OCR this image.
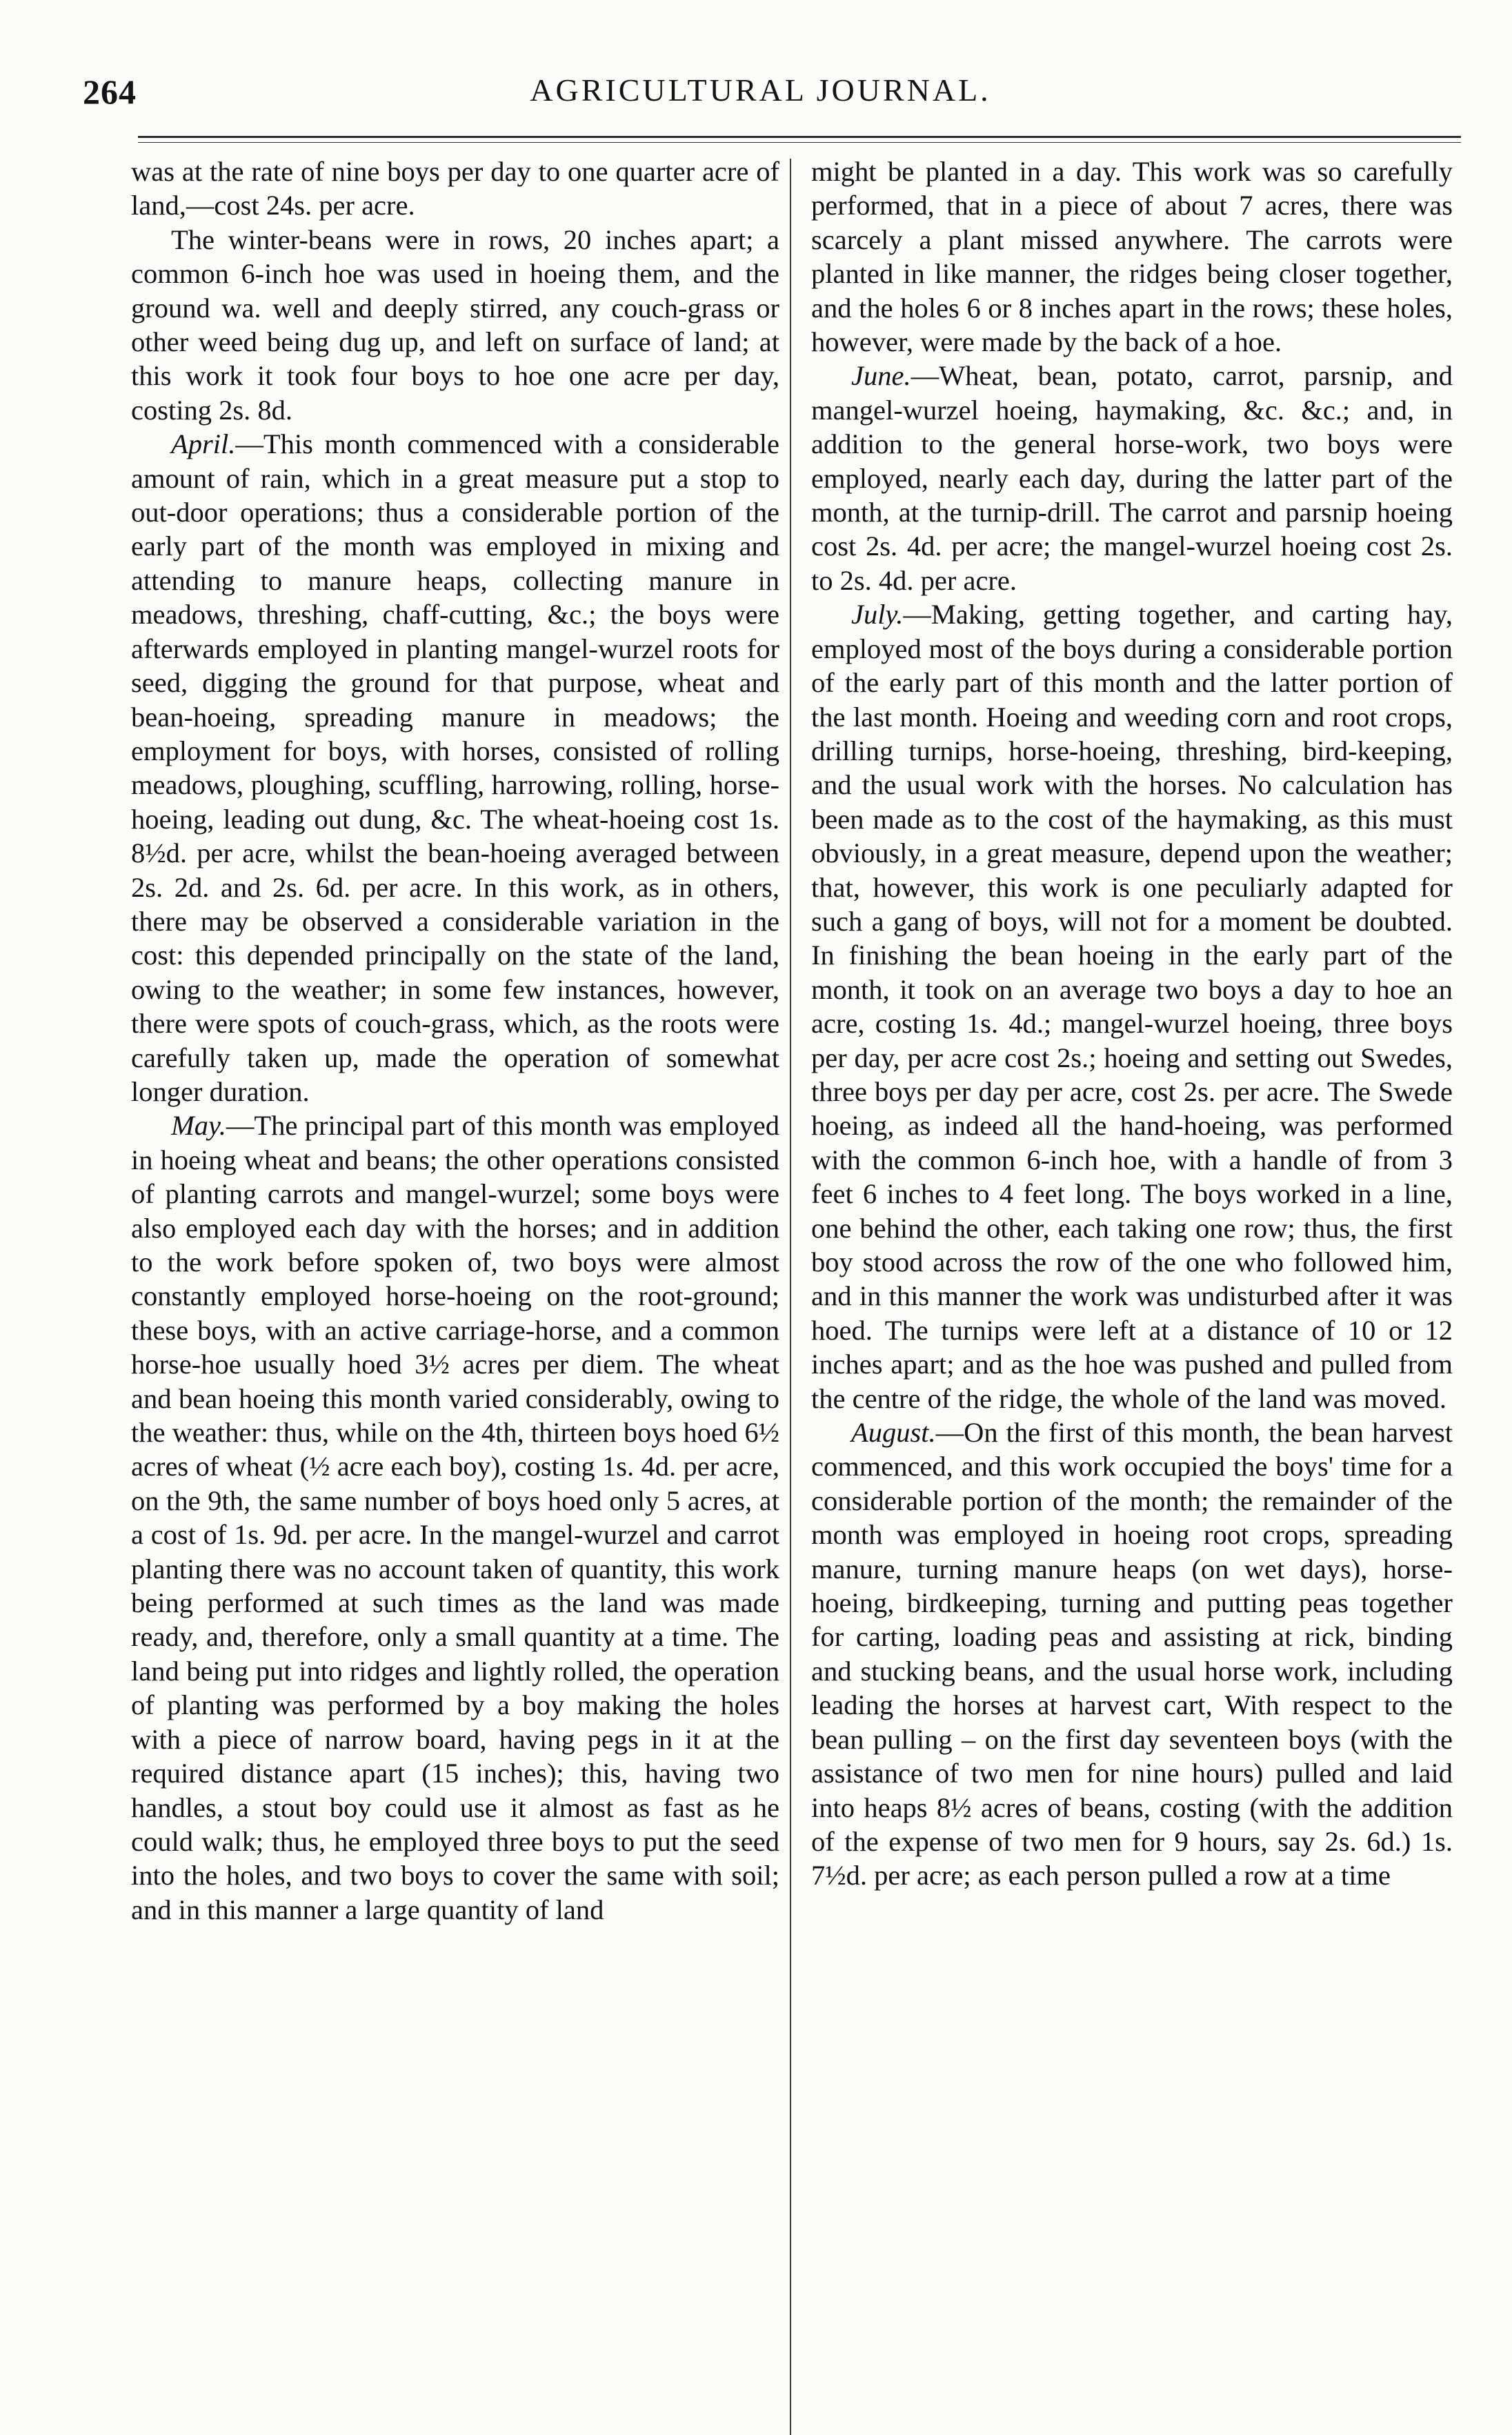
264	AGRICULTURAL JOURNAL.

was at the rate of nine boys per day to one quarter acre of land,—cost 24s. per acre.

The winter-beans were in rows, 20 inches apart; a common 6-inch hoe was used in hoeing them, and the ground wa. well and deeply stirred, any couch-grass or other weed being dug up, and left on surface of land; at this work it took four boys to hoe one acre per day, costing 2s. 8d.

April.—This month commenced with a considerable amount of rain, which in a great measure put a stop to out-door operations; thus a considerable portion of the early part of the month was employed in mixing and attending to manure heaps, collecting manure in meadows, threshing, chaff-cutting, &c.; the boys were afterwards employed in planting mangel-wurzel roots for seed, digging the ground for that purpose, wheat and bean-hoeing, spreading manure in meadows; the employment for boys, with horses, consisted of rolling meadows, ploughing, scuffling, harrowing, rolling, horse-hoeing, leading out dung, &c. The wheat-hoeing cost 1s. 8½d. per acre, whilst the bean-hoeing averaged between 2s. 2d. and 2s. 6d. per acre. In this work, as in others, there may be observed a considerable variation in the cost: this depended principally on the state of the land, owing to the weather; in some few instances, however, there were spots of couch-grass, which, as the roots were carefully taken up, made the operation of somewhat longer duration.

May.—The principal part of this month was employed in hoeing wheat and beans; the other operations consisted of planting carrots and mangel-wurzel; some boys were also employed each day with the horses; and in addition to the work before spoken of, two boys were almost constantly employed horse-hoeing on the root-ground; these boys, with an active carriage-horse, and a common horse-hoe usually hoed 3½ acres per diem. The wheat and bean hoeing this month varied considerably, owing to the weather: thus, while on the 4th, thirteen boys hoed 6½ acres of wheat (½ acre each boy), costing 1s. 4d. per acre, on the 9th, the same number of boys hoed only 5 acres, at a cost of 1s. 9d. per acre. In the mangel-wurzel and carrot planting there was no account taken of quantity, this work being performed at such times as the land was made ready, and, therefore, only a small quantity at a time. The land being put into ridges and lightly rolled, the operation of planting was performed by a boy making the holes with a piece of narrow board, having pegs in it at the required distance apart (15 inches); this, having two handles, a stout boy could use it almost as fast as he could walk; thus, he employed three boys to put the seed into the holes, and two boys to cover the same with soil; and in this manner a large quantity of land

might be planted in a day. This work was so carefully performed, that in a piece of about 7 acres, there was scarcely a plant missed anywhere. The carrots were planted in like manner, the ridges being closer together, and the holes 6 or 8 inches apart in the rows; these holes, however, were made by the back of a hoe.

June.—Wheat, bean, potato, carrot, parsnip, and mangel-wurzel hoeing, haymaking, &c. &c.; and, in addition to the general horse-work, two boys were employed, nearly each day, during the latter part of the month, at the turnip-drill. The carrot and parsnip hoeing cost 2s. 4d. per acre; the mangel-wurzel hoeing cost 2s. to 2s. 4d. per acre.

July.—Making, getting together, and carting hay, employed most of the boys during a considerable portion of the early part of this month and the latter portion of the last month. Hoeing and weeding corn and root crops, drilling turnips, horse-hoeing, threshing, bird-keeping, and the usual work with the horses. No calculation has been made as to the cost of the haymaking, as this must obviously, in a great measure, depend upon the weather; that, however, this work is one peculiarly adapted for such a gang of boys, will not for a moment be doubted. In finishing the bean hoeing in the early part of the month, it took on an average two boys a day to hoe an acre, costing 1s. 4d.; mangel-wurzel hoeing, three boys per day, per acre cost 2s.; hoeing and setting out Swedes, three boys per day per acre, cost 2s. per acre. The Swede hoeing, as indeed all the hand-hoeing, was performed with the common 6-inch hoe, with a handle of from 3 feet 6 inches to 4 feet long. The boys worked in a line, one behind the other, each taking one row; thus, the first boy stood across the row of the one who followed him, and in this manner the work was undisturbed after it was hoed. The turnips were left at a distance of 10 or 12 inches apart; and as the hoe was pushed and pulled from the centre of the ridge, the whole of the land was moved.

August.—On the first of this month, the bean harvest commenced, and this work occupied the boys' time for a considerable portion of the month; the remainder of the month was employed in hoeing root crops, spreading manure, turning manure heaps (on wet days), horse-hoeing, birdkeeping, turning and putting peas together for carting, loading peas and assisting at rick, binding and stucking beans, and the usual horse work, including leading the horses at harvest cart, With respect to the bean pulling – on the first day seventeen boys (with the assistance of two men for nine hours) pulled and laid into heaps 8½ acres of beans, costing (with the addition of the expense of two men for 9 hours, say 2s. 6d.) 1s. 7½d. per acre; as each person pulled a row at a time
